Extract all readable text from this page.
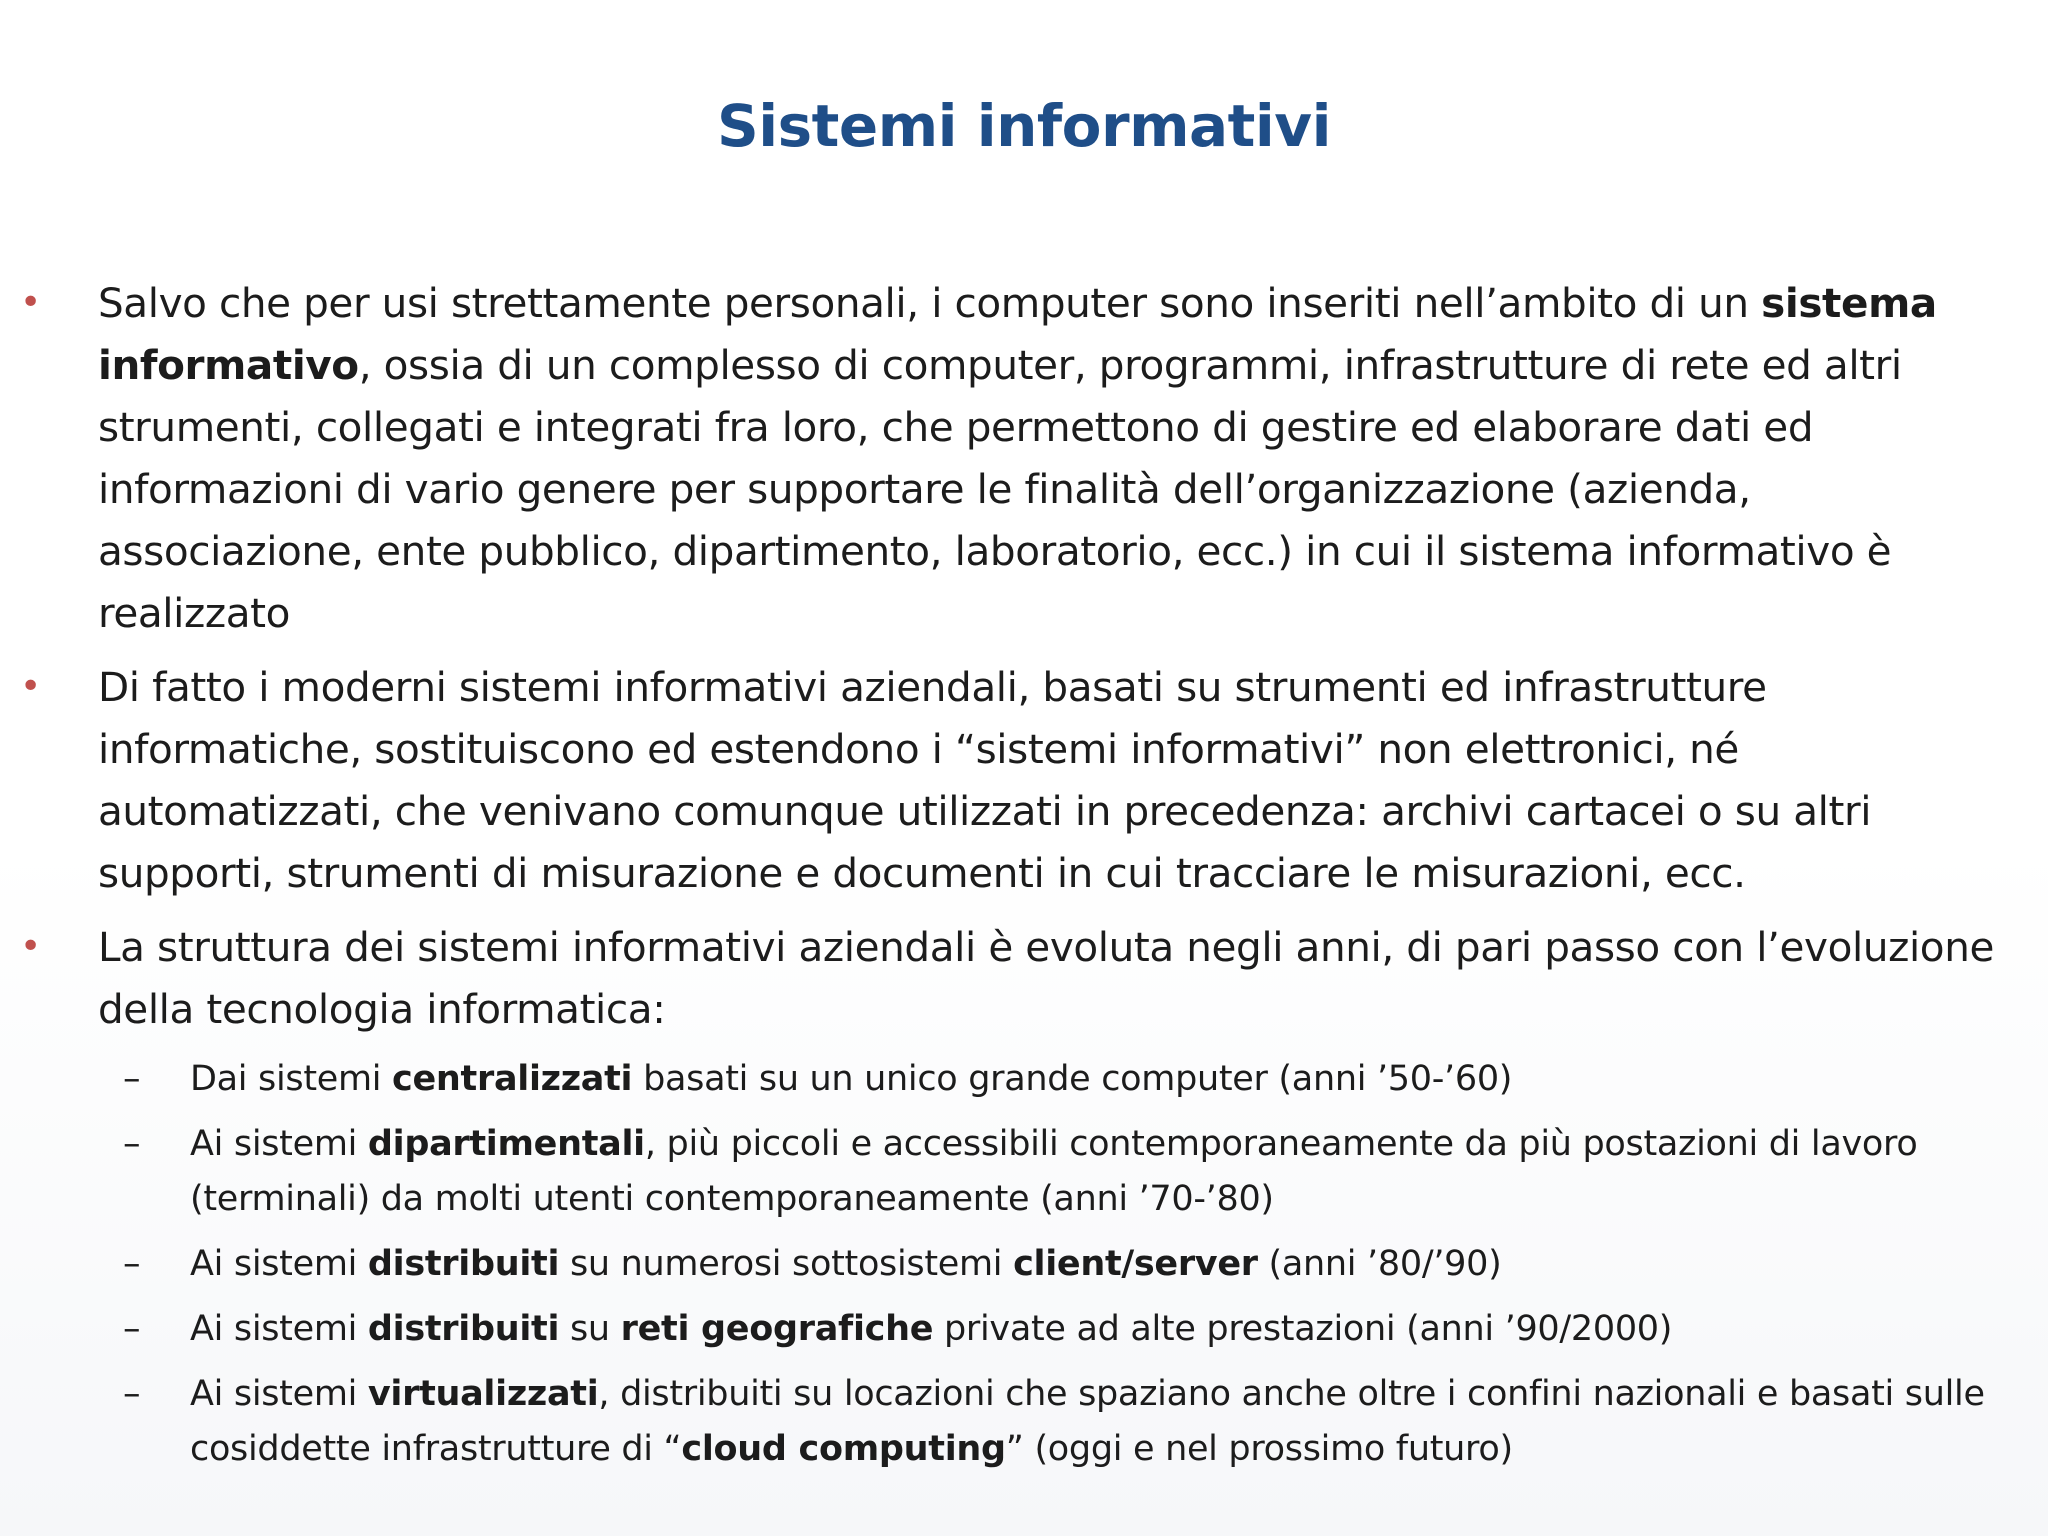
Sistemi informativi

• Salvo che per usi strettamente personali, i computer sono inseriti nell’ambito di un sistema informativo, ossia di un complesso di computer, programmi, infrastrutture di rete ed altri strumenti, collegati e integrati fra loro, che permettono di gestire ed elaborare dati ed informazioni di vario genere per supportare le finalità dell’organizzazione (azienda, associazione, ente pubblico, dipartimento, laboratorio, ecc.) in cui il sistema informativo è realizzato

• Di fatto i moderni sistemi informativi aziendali, basati su strumenti ed infrastrutture informatiche, sostituiscono ed estendono i “sistemi informativi” non elettronici, né automatizzati, che venivano comunque utilizzati in precedenza: archivi cartacei o su altri supporti, strumenti di misurazione e documenti in cui tracciare le misurazioni, ecc.

• La struttura dei sistemi informativi aziendali è evoluta negli anni, di pari passo con l’evoluzione della tecnologia informatica:

– Dai sistemi centralizzati basati su un unico grande computer (anni ’50-’60)

– Ai sistemi dipartimentali, più piccoli e accessibili contemporaneamente da più postazioni di lavoro (terminali) da molti utenti contemporaneamente (anni ’70-’80)

– Ai sistemi distribuiti su numerosi sottosistemi client/server (anni ’80/’90)

– Ai sistemi distribuiti su reti geografiche private ad alte prestazioni (anni ’90/2000)

– Ai sistemi virtualizzati, distribuiti su locazioni che spaziano anche oltre i confini nazionali e basati sulle cosiddette infrastrutture di “cloud computing” (oggi e nel prossimo futuro)
